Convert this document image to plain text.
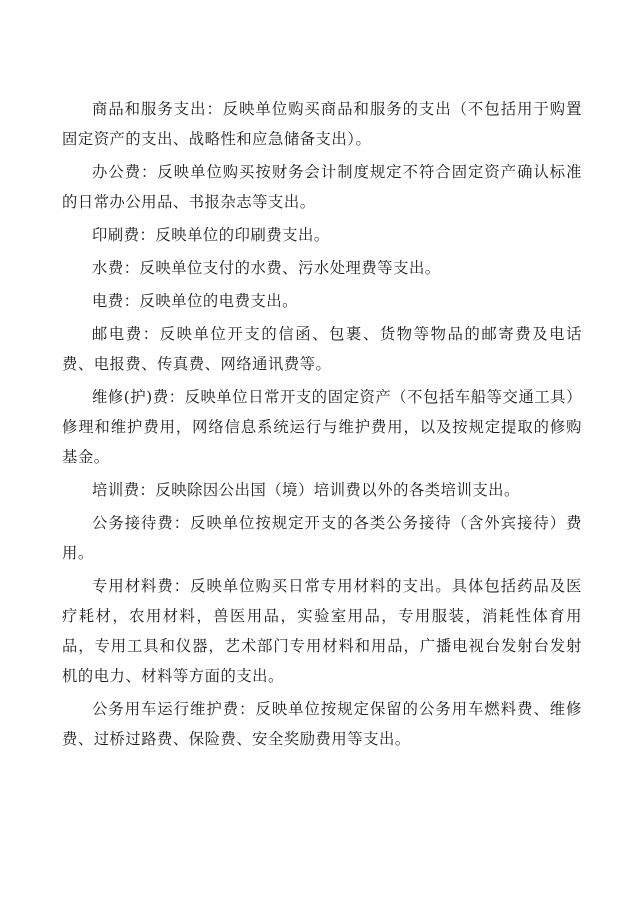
商品和服务支出：反映单位购买商品和服务的支出（不包括用于购置固定资产的支出、战略性和应急储备支出）。

办公费：反映单位购买按财务会计制度规定不符合固定资产确认标准的日常办公用品、书报杂志等支出。

印刷费：反映单位的印刷费支出。

水费：反映单位支付的水费、污水处理费等支出。

电费：反映单位的电费支出。

邮电费：反映单位开支的信函、包裹、货物等物品的邮寄费及电话费、电报费、传真费、网络通讯费等。

维修(护)费：反映单位日常开支的固定资产（不包括车船等交通工具）修理和维护费用，网络信息系统运行与维护费用，以及按规定提取的修购基金。

培训费：反映除因公出国（境）培训费以外的各类培训支出。

公务接待费：反映单位按规定开支的各类公务接待（含外宾接待）费用。

专用材料费：反映单位购买日常专用材料的支出。具体包括药品及医疗耗材，农用材料，兽医用品，实验室用品，专用服装，消耗性体育用品，专用工具和仪器，艺术部门专用材料和用品，广播电视台发射台发射机的电力、材料等方面的支出。

公务用车运行维护费：反映单位按规定保留的公务用车燃料费、维修费、过桥过路费、保险费、安全奖励费用等支出。
